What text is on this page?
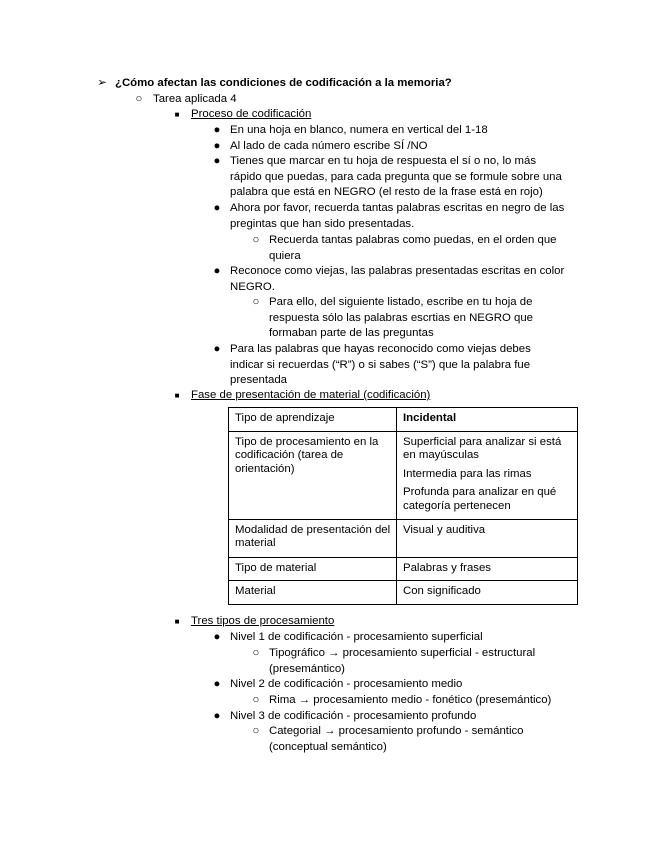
➢ ¿Cómo afectan las condiciones de codificación a la memoria?
○ Tarea aplicada 4
■	Proceso de codificación
● En una hoja en blanco, numera en vertical del 1-18
● Al lado de cada número escribe SÍ /NO
● Tienes que marcar en tu hoja de respuesta el sí o no, lo más
rápido que puedas, para cada pregunta que se formule sobre una
palabra que está en NEGRO (el resto de la frase está en rojo)
● Ahora por favor, recuerda tantas palabras escritas en negro de las
pregintas que han sido presentadas.
○ Recuerda tantas palabras como puedas, en el orden que
quiera
● Reconoce como viejas, las palabras presentadas escritas en color
NEGRO.
○ Para ello, del siguiente listado, escribe en tu hoja de
respuesta sólo las palabras escrtias en NEGRO que
formaban parte de las preguntas
● Para las palabras que hayas reconocido como viejas debes
indicar si recuerdas (“R”) o si sabes (“S”) que la palabra fue
presentada
■	Fase de presentación de material (codificación)
Tipo de aprendizaje	Incidental
Tipo de procesamiento en la codificación (tarea de orientación)	Superficial para analizar si está en mayúsculas
Intermedia para las rimas
Profunda para analizar en qué categoría pertenecen

Modalidad de presentación del material	Visual y auditiva
Tipo de material	Palabras y frases
Material	Con significado
■	Tres tipos de procesamiento
● Nivel 1 de codificación - procesamiento superficial
○ Tipográfico → procesamiento superficial - estructural
(presemántico)
● Nivel 2 de codificación - procesamiento medio
○ Rima → procesamiento medio - fonético (presemántico)
● Nivel 3 de codificación - procesamiento profundo
○ Categorial → procesamiento profundo - semántico
(conceptual semántico)
